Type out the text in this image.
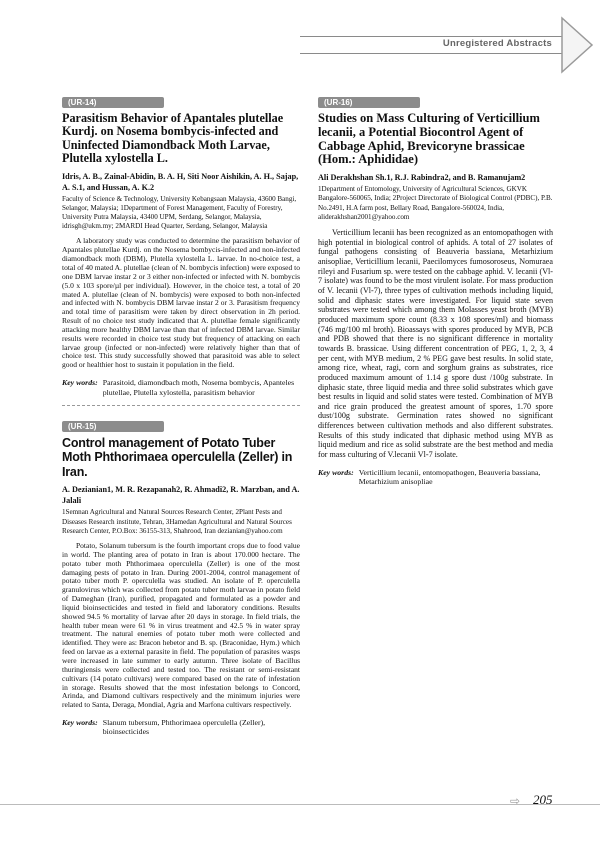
Unregistered Abstracts
(UR-14)
Parasitism Behavior of Apantales plutellae Kurdj. on Nosema bombycis-infected and Uninfected Diamondback Moth Larvae, Plutella xylostella L.
Idris, A. B., Zainal-Abidin, B. A. H, Siti Noor Aishikin, A. H., Sajap, A. S.1, and Hussan, A. K.2
Faculty of Science & Technology, University Kebangsaan Malaysia, 43600 Bangi, Selangor, Malaysia; 1Department of Forest Management, Faculty of Forestry, University Putra Malaysia, 43400 UPM, Serdang, Selangor, Malaysia, idrisgh@ukm.my; 2MARDI Head Quarter, Serdang, Selangor, Malaysia

A laboratory study was conducted to determine the parasitism behavior of Apantales plutellae Kurdj. on the Nosema bombycis-infected and non-infected diamondback moth (DBM), Plutella xylostella L. larvae. In no-choice test, a total of 40 mated A. plutellae (clean of N. bombycis infection) were exposed to one DBM larvae instar 2 or 3 either non-infected or infected with N. bombycis (5.0 x 103 spore/µl per individual). However, in the choice test, a total of 20 mated A. plutellae (clean of N. bombycis) were exposed to both non-infected and infected with N. bombycis DBM larvae instar 2 or 3. Parasitism frequency and total time of parasitism were taken by direct observation in 2h period. Result of no choice test study indicated that A. plutellae female significantly attacking more healthy DBM larvae than that of infected DBM larvae. Similar results were recorded in choice test study but frequency of attacking on each larvae group (infected or non-infected) were relatively higher than that of choice test. This study successfully showed that parasitoid was able to select good or healthier host to sustain it population in the field.

Key words: Parasitoid, diamondbach moth, Nosema bombycis, Apanteles plutellae, Plutella xylostella, parasitism behavior
(UR-15)
Control management of Potato Tuber Moth Phthorimaea operculella (Zeller) in Iran.
A. Dezianian1, M. R. Rezapanah2, R. Ahmadi2, R. Marzban, and A. Jalali
1Semnan Agricultural and Natural Sources Research Center, 2Plant Pests and Diseases Research institute, Tehran, 3Hamedan Agricultural and Natural Sources Research Center, P.O.Box: 36155-313, Shahrood, Iran dezianian@yahoo.com

Potato, Solanum tubersum is the fourth important crops due to food value in world. The planting area of potato in Iran is about 170.000 hectare. The potato tuber moth Phthorimaea operculella (Zeller) is one of the most damaging pests of potato in Iran. During 2001-2004, control management of potato tuber moth P. operculella was studied. An isolate of P. operculella granulovirus which was collected from potato tuber moth larvae in potato field of Dameghan (Iran), purified, propagated and formulated as a powder and liquid bioinsecticides and tested in field and laboratory conditions. Results showed 94.5 % mortality of larvae after 20 days in storage. In field trials, the health tuber mean were 61 % in virus treatment and 42.5 % in water spray treatment. The natural enemies of potato tuber moth were collected and identified. They were as: Bracon hebetor and B. sp. (Braconidae, Hym.) which feed on larvae as a external parasite in field. The population of parasites wasps were increased in late summer to early autumn. Three isolate of Bacillus thuringiensis were collected and tested too. The resistant or semi-resistant cultivars (14 potato cultivars) were compared based on the rate of infestation in storage. Results showed that the most infestation belongs to Concord, Arinda, and Diamond cultivars respectively and the minimum injuries were related to Santa, Deraga, Mondial, Agria and Marfona cultivars respectively.

Key words: Slanum tubersum, Phthorimaea operculella (Zeller), bioinsecticides
(UR-16)
Studies on Mass Culturing of Verticillium lecanii, a Potential Biocontrol Agent of Cabbage Aphid, Brevicoryne brassicae (Hom.: Aphididae)
Ali Derakhshan Sh.1, R.J. Rabindra2, and B. Ramanujam2
1Department of Entomology, University of Agricultural Sciences, GKVK Bangalore-560065, India; 2Project Directorate of Biological Control (PDBC), P.B. No.2491, H.A farm post, Bellary Road, Bangalore-560024, India, aliderakhshan2001@yahoo.com

Verticillium lecanii has been recognized as an entomopathogen with high potential in biological control of aphids. A total of 27 isolates of fungal pathogens consisting of Beauveria bassiana, Metarhizium anisopliae, Verticillium lecanii, Paecilomyces fumosoroseus, Nomuraea rileyi and Fusarium sp. were tested on the cabbage aphid. V. lecanii (Vl-7 isolate) was found to be the most virulent isolate. For mass production of V. lecanii (Vl-7), three types of cultivation methods including liquid, solid and diphasic states were investigated. For liquid state seven substrates were tested which among them Molasses yeast broth (MYB) produced maximum spore count (8.33 x 108 spores/ml) and biomass (746 mg/100 ml broth). Bioassays with spores produced by MYB, PCB and PDB showed that there is no significant difference in mortality towards B. brassicae. Using different concentration of PEG, 1, 2, 3, 4 per cent, with MYB medium, 2 % PEG gave best results. In solid state, among rice, wheat, ragi, corn and sorghum grains as substrates, rice produced maximum amount of 1.14 g spore dust /100g substrate. In diphasic state, three liquid media and three solid substrates which gave best results in liquid and solid states were tested. Combination of MYB and rice grain produced the greatest amount of spores, 1.70 spore dust/100g substrate. Germination rates showed no significant differences between cultivation methods and also different substrates. Results of this study indicated that diphasic method using MYB as liquid medium and rice as solid substrate are the best method and media for mass culturing of V.lecanii Vl-7 isolate.

Key words: Verticillium lecanii, entomopathogen, Beauveria bassiana, Metarhizium anisopliae
⇨ 205
